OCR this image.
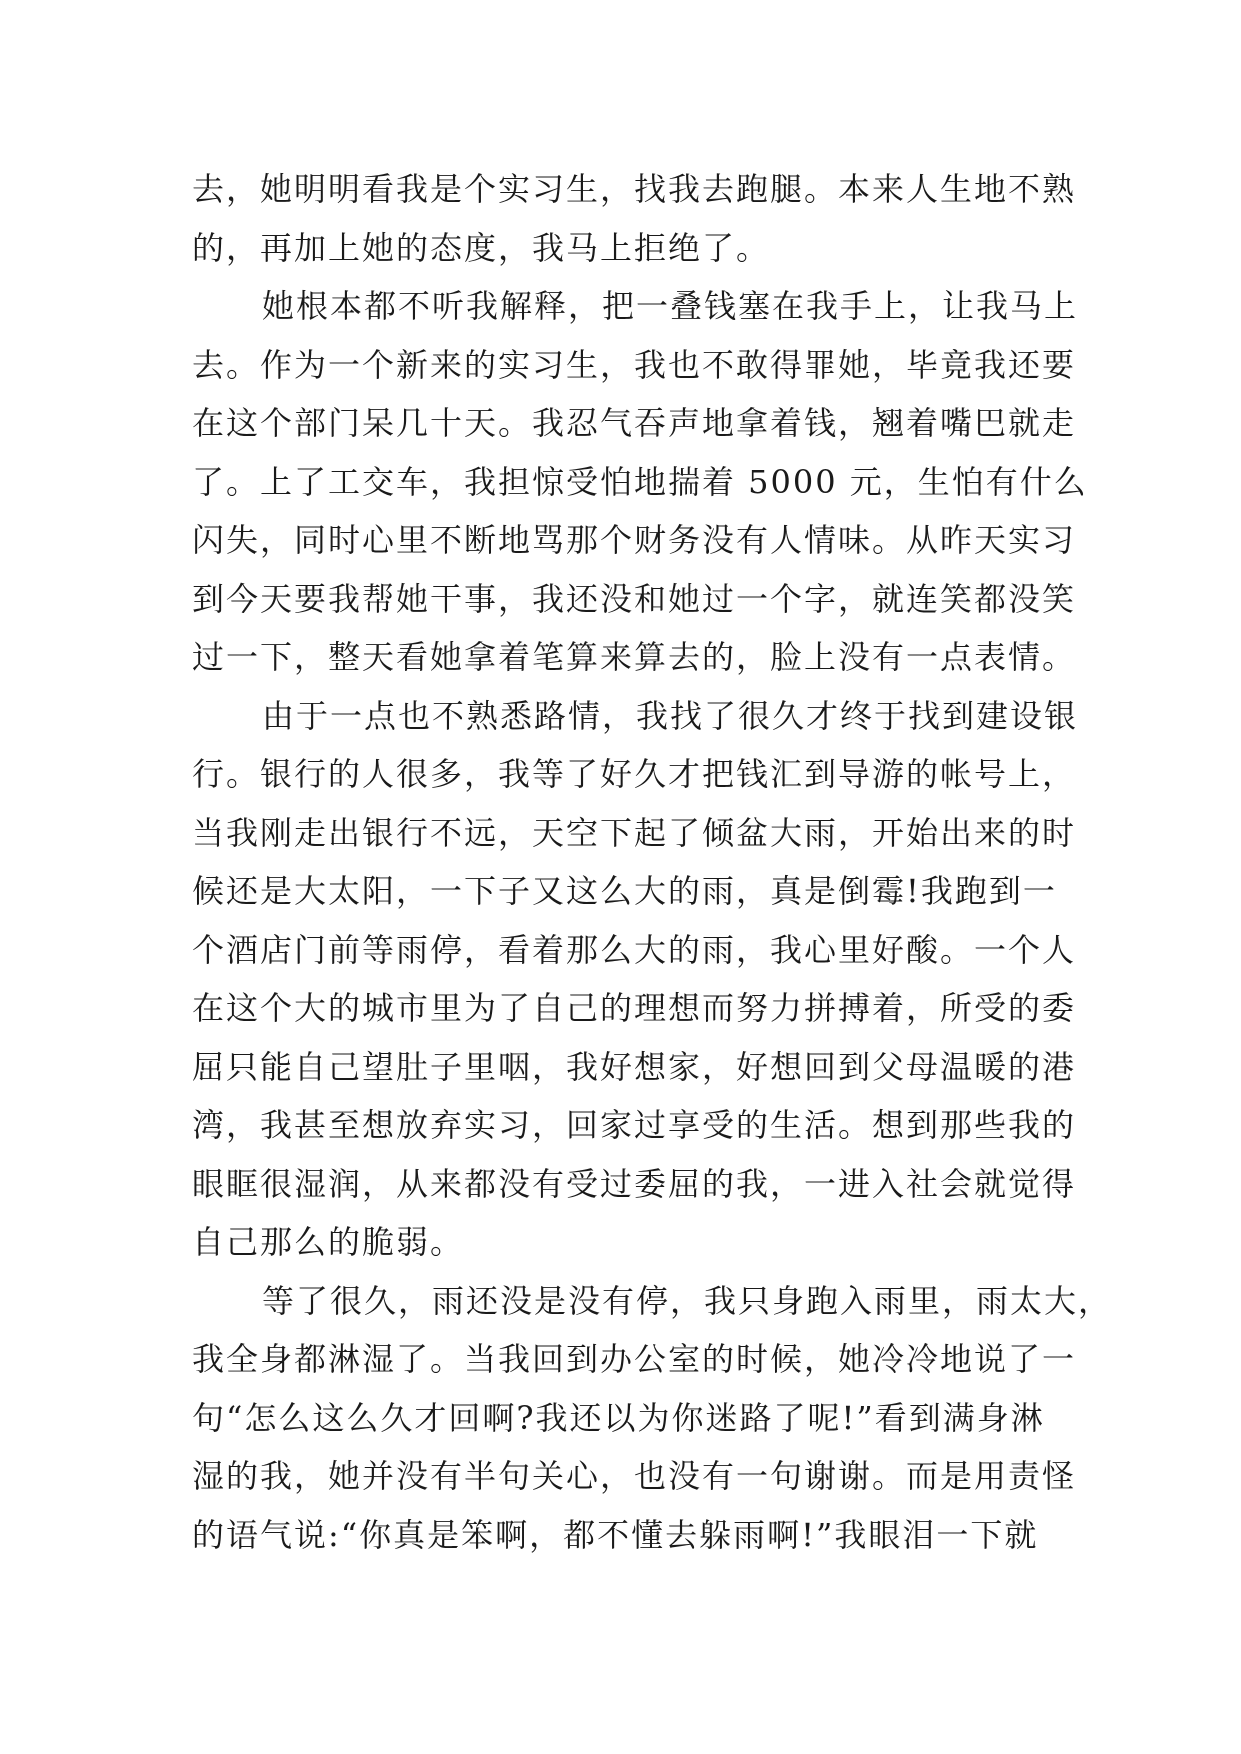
去，她明明看我是个实习生，找我去跑腿。本来人生地不熟
的，再加上她的态度，我马上拒绝了。
她根本都不听我解释，把一叠钱塞在我手上，让我马上
去。作为一个新来的实习生，我也不敢得罪她，毕竟我还要
在这个部门呆几十天。我忍气吞声地拿着钱，翘着嘴巴就走
了。上了工交车，我担惊受怕地揣着 5000 元，生怕有什么
闪失，同时心里不断地骂那个财务没有人情味。从昨天实习
到今天要我帮她干事，我还没和她过一个字，就连笑都没笑
过一下，整天看她拿着笔算来算去的，脸上没有一点表情。
由于一点也不熟悉路情，我找了很久才终于找到建设银
行。银行的人很多，我等了好久才把钱汇到导游的帐号上，
当我刚走出银行不远，天空下起了倾盆大雨，开始出来的时
候还是大太阳，一下子又这么大的雨，真是倒霉!我跑到一
个酒店门前等雨停，看着那么大的雨，我心里好酸。一个人
在这个大的城市里为了自己的理想而努力拼搏着，所受的委
屈只能自己望肚子里咽，我好想家，好想回到父母温暖的港
湾，我甚至想放弃实习，回家过享受的生活。想到那些我的
眼眶很湿润，从来都没有受过委屈的我，一进入社会就觉得
自己那么的脆弱。
等了很久，雨还没是没有停，我只身跑入雨里，雨太大，
我全身都淋湿了。当我回到办公室的时候，她冷冷地说了一
句“怎么这么久才回啊?我还以为你迷路了呢!”看到满身淋
湿的我，她并没有半句关心，也没有一句谢谢。而是用责怪
的语气说:“你真是笨啊，都不懂去躲雨啊!”我眼泪一下就
